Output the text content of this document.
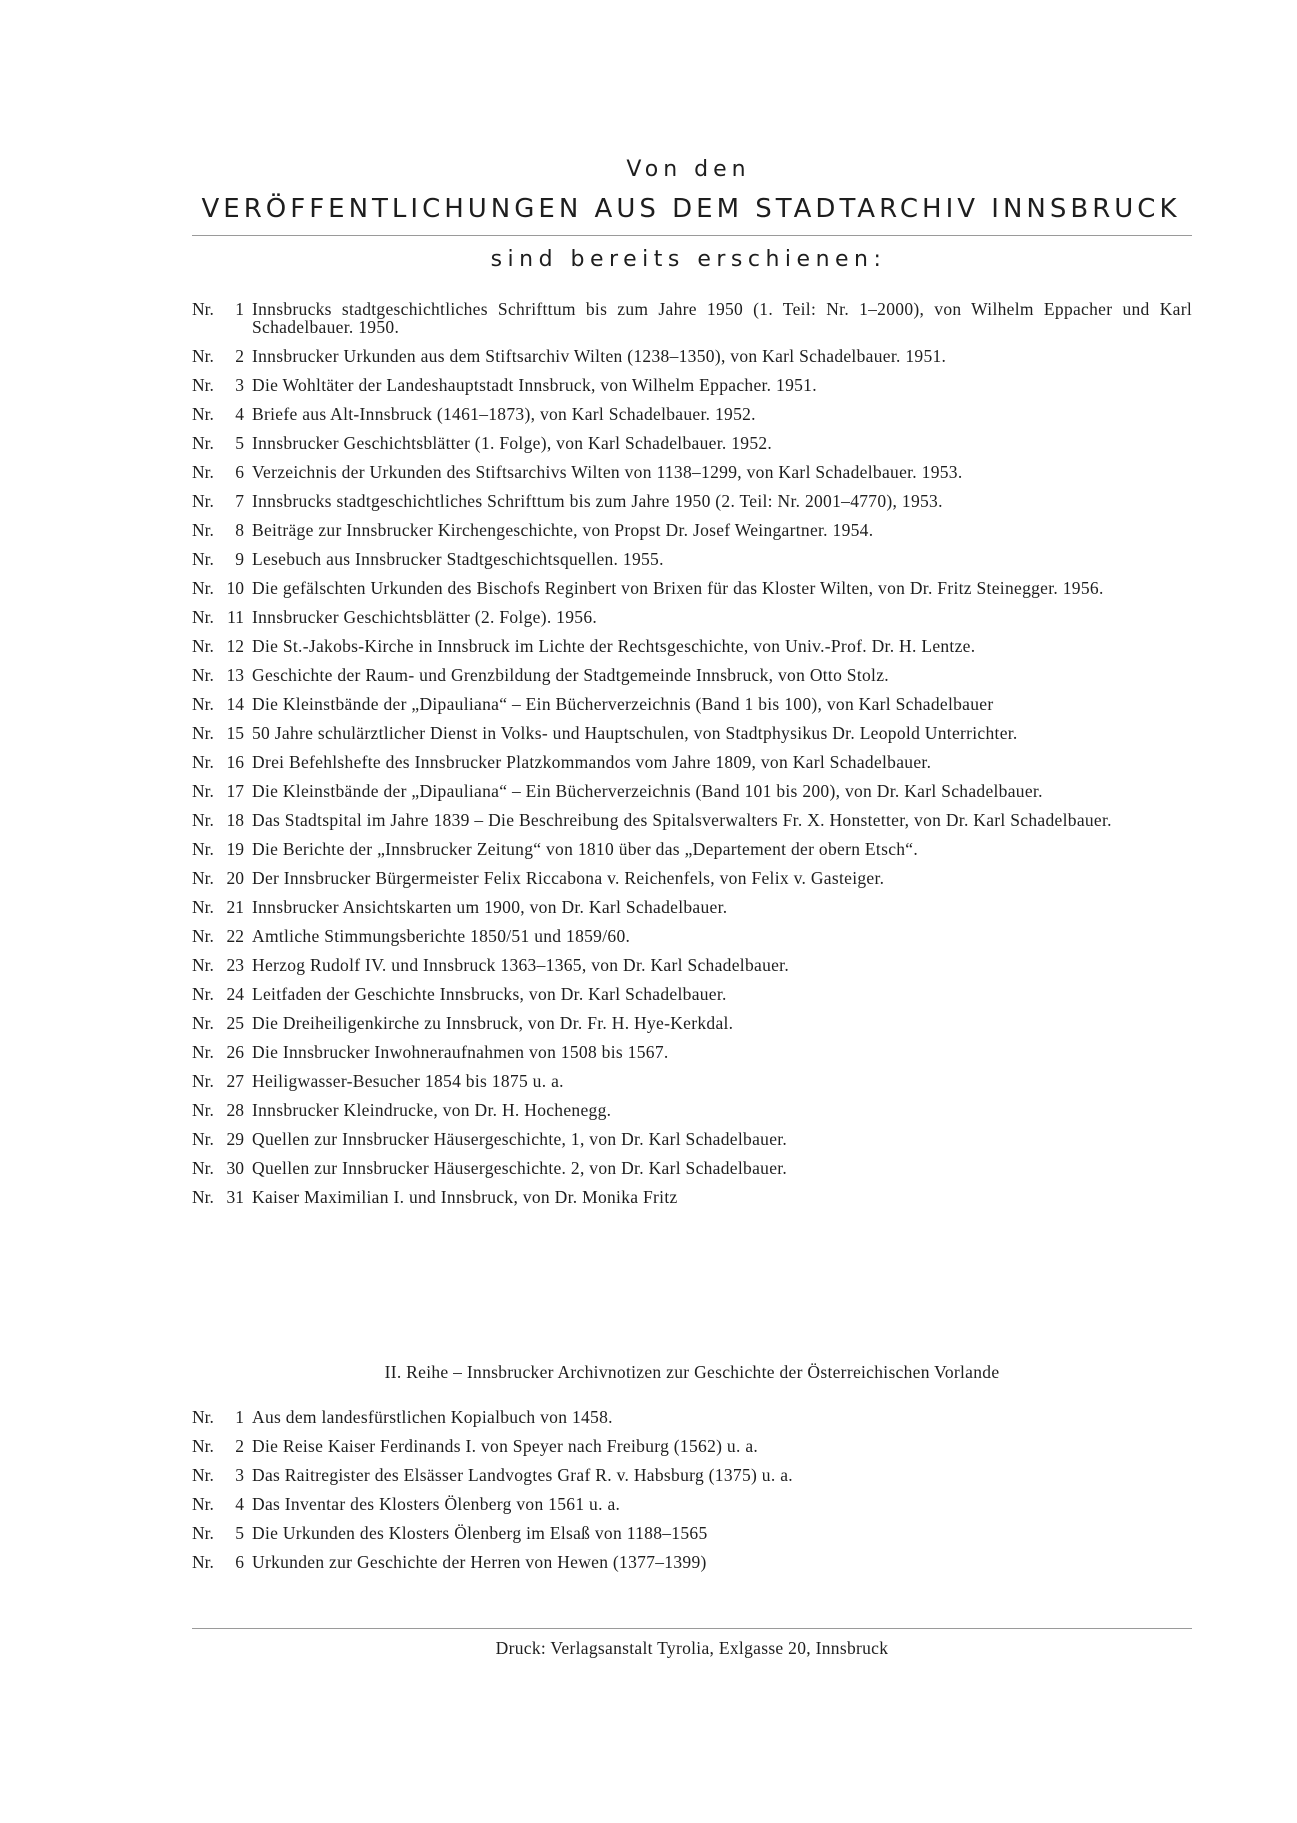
Von den
VERÖFFENTLICHUNGEN AUS DEM STADTARCHIV INNSBRUCK
sind bereits erschienen:
Nr. 1 Innsbrucks stadtgeschichtliches Schrifttum bis zum Jahre 1950 (1. Teil: Nr. 1–2000), von Wilhelm Eppacher und Karl Schadelbauer. 1950.
Nr. 2 Innsbrucker Urkunden aus dem Stiftsarchiv Wilten (1238–1350), von Karl Schadelbauer. 1951.
Nr. 3 Die Wohltäter der Landeshauptstadt Innsbruck, von Wilhelm Eppacher. 1951.
Nr. 4 Briefe aus Alt-Innsbruck (1461–1873), von Karl Schadelbauer. 1952.
Nr. 5 Innsbrucker Geschichtsblätter (1. Folge), von Karl Schadelbauer. 1952.
Nr. 6 Verzeichnis der Urkunden des Stiftsarchivs Wilten von 1138–1299, von Karl Schadelbauer. 1953.
Nr. 7 Innsbrucks stadtgeschichtliches Schrifttum bis zum Jahre 1950 (2. Teil: Nr. 2001–4770), 1953.
Nr. 8 Beiträge zur Innsbrucker Kirchengeschichte, von Propst Dr. Josef Weingartner. 1954.
Nr. 9 Lesebuch aus Innsbrucker Stadtgeschichtsquellen. 1955.
Nr. 10 Die gefälschten Urkunden des Bischofs Reginbert von Brixen für das Kloster Wilten, von Dr. Fritz Steinegger. 1956.
Nr. 11 Innsbrucker Geschichtsblätter (2. Folge). 1956.
Nr. 12 Die St.-Jakobs-Kirche in Innsbruck im Lichte der Rechtsgeschichte, von Univ.-Prof. Dr. H. Lentze.
Nr. 13 Geschichte der Raum- und Grenzbildung der Stadtgemeinde Innsbruck, von Otto Stolz.
Nr. 14 Die Kleinstbände der „Dipauliana“ – Ein Bücherverzeichnis (Band 1 bis 100), von Karl Schadelbauer
Nr. 15 50 Jahre schulärztlicher Dienst in Volks- und Hauptschulen, von Stadtphysikus Dr. Leopold Unterrichter.
Nr. 16 Drei Befehlshefte des Innsbrucker Platzkommandos vom Jahre 1809, von Karl Schadelbauer.
Nr. 17 Die Kleinstbände der „Dipauliana“ – Ein Bücherverzeichnis (Band 101 bis 200), von Dr. Karl Schadelbauer.
Nr. 18 Das Stadtspital im Jahre 1839 – Die Beschreibung des Spitalsverwalters Fr. X. Honstetter, von Dr. Karl Schadelbauer.
Nr. 19 Die Berichte der „Innsbrucker Zeitung“ von 1810 über das „Departement der obern Etsch“.
Nr. 20 Der Innsbrucker Bürgermeister Felix Riccabona v. Reichenfels, von Felix v. Gasteiger.
Nr. 21 Innsbrucker Ansichtskarten um 1900, von Dr. Karl Schadelbauer.
Nr. 22 Amtliche Stimmungsberichte 1850/51 und 1859/60.
Nr. 23 Herzog Rudolf IV. und Innsbruck 1363–1365, von Dr. Karl Schadelbauer.
Nr. 24 Leitfaden der Geschichte Innsbrucks, von Dr. Karl Schadelbauer.
Nr. 25 Die Dreiheiligenkirche zu Innsbruck, von Dr. Fr. H. Hye-Kerkdal.
Nr. 26 Die Innsbrucker Inwohneraufnahmen von 1508 bis 1567.
Nr. 27 Heiligwasser-Besucher 1854 bis 1875 u. a.
Nr. 28 Innsbrucker Kleindrucke, von Dr. H. Hochenegg.
Nr. 29 Quellen zur Innsbrucker Häusergeschichte, 1, von Dr. Karl Schadelbauer.
Nr. 30 Quellen zur Innsbrucker Häusergeschichte. 2, von Dr. Karl Schadelbauer.
Nr. 31 Kaiser Maximilian I. und Innsbruck, von Dr. Monika Fritz
II. Reihe – Innsbrucker Archivnotizen zur Geschichte der Österreichischen Vorlande
Nr. 1 Aus dem landesfürstlichen Kopialbuch von 1458.
Nr. 2 Die Reise Kaiser Ferdinands I. von Speyer nach Freiburg (1562) u. a.
Nr. 3 Das Raitregister des Elsässer Landvogtes Graf R. v. Habsburg (1375) u. a.
Nr. 4 Das Inventar des Klosters Ölenberg von 1561 u. a.
Nr. 5 Die Urkunden des Klosters Ölenberg im Elsaß von 1188–1565
Nr. 6 Urkunden zur Geschichte der Herren von Hewen (1377–1399)
Druck: Verlagsanstalt Tyrolia, Exlgasse 20, Innsbruck
